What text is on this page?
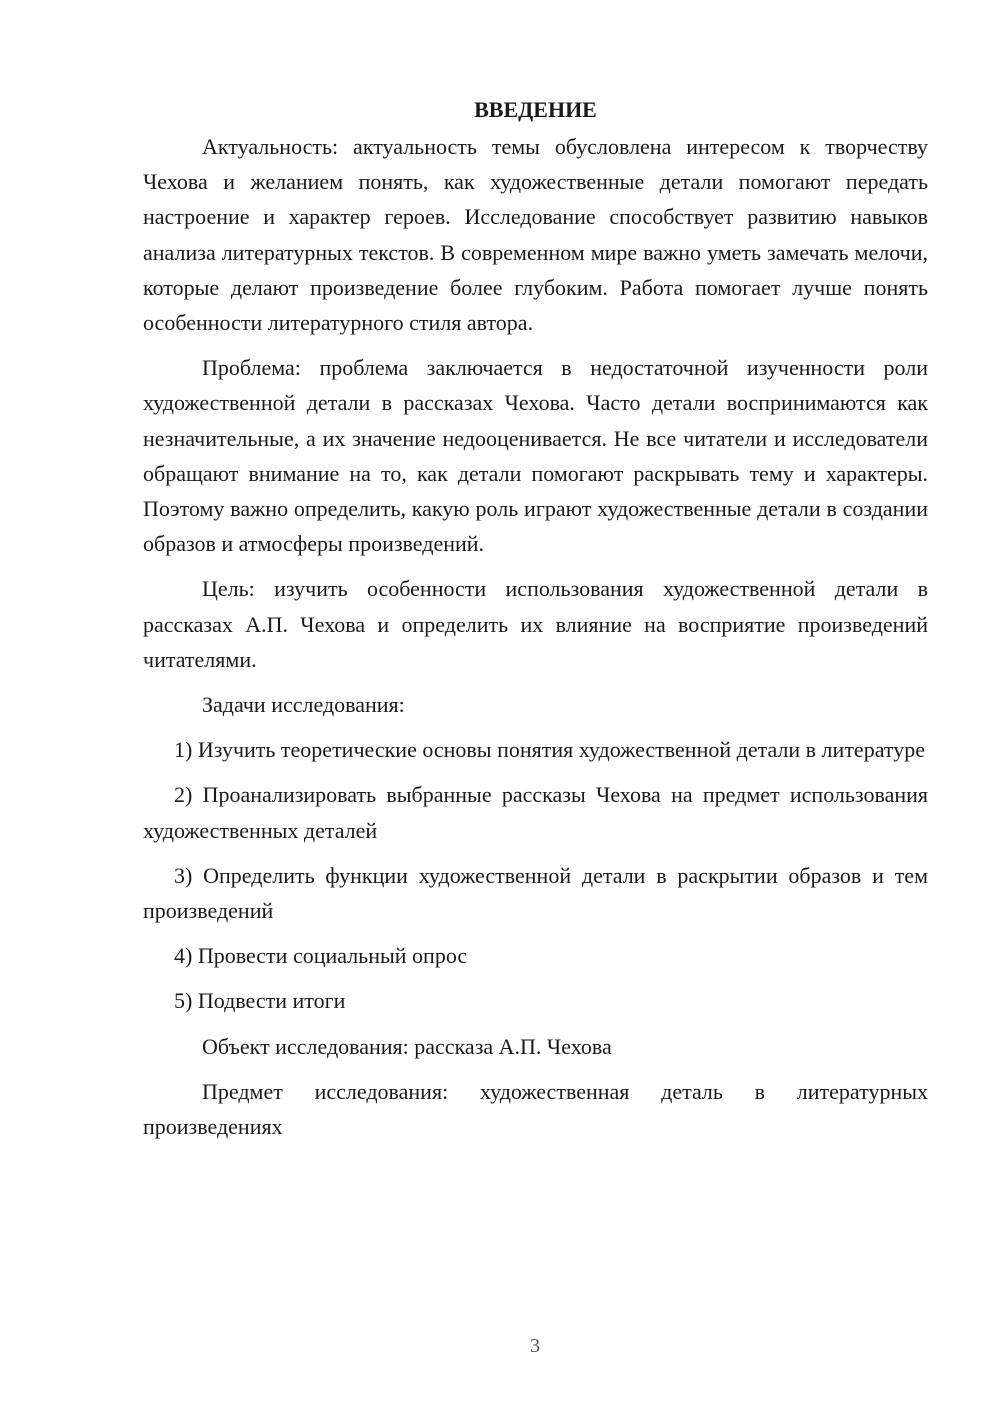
ВВЕДЕНИЕ

Актуальность: актуальность темы обусловлена интересом к творчеству Чехова и желанием понять, как художественные детали помогают передать настроение и характер героев. Исследование способствует развитию навыков анализа литературных текстов. В современном мире важно уметь замечать мелочи, которые делают произведение более глубоким. Работа помогает лучше понять особенности литературного стиля автора.

Проблема: проблема заключается в недостаточной изученности роли художественной детали в рассказах Чехова. Часто детали воспринимаются как незначительные, а их значение недооценивается. Не все читатели и исследователи обращают внимание на то, как детали помогают раскрывать тему и характеры. Поэтому важно определить, какую роль играют художественные детали в создании образов и атмосферы произведений.

Цель: изучить особенности использования художественной детали в рассказах А.П. Чехова и определить их влияние на восприятие произведений читателями.

Задачи исследования:

1) Изучить теоретические основы понятия художественной детали в литературе

2) Проанализировать выбранные рассказы Чехова на предмет использования художественных деталей

3) Определить функции художественной детали в раскрытии образов и тем произведений

4) Провести социальный опрос

5) Подвести итоги

Объект исследования: рассказа А.П. Чехова

Предмет исследования: художественная деталь в литературных произведениях

3
